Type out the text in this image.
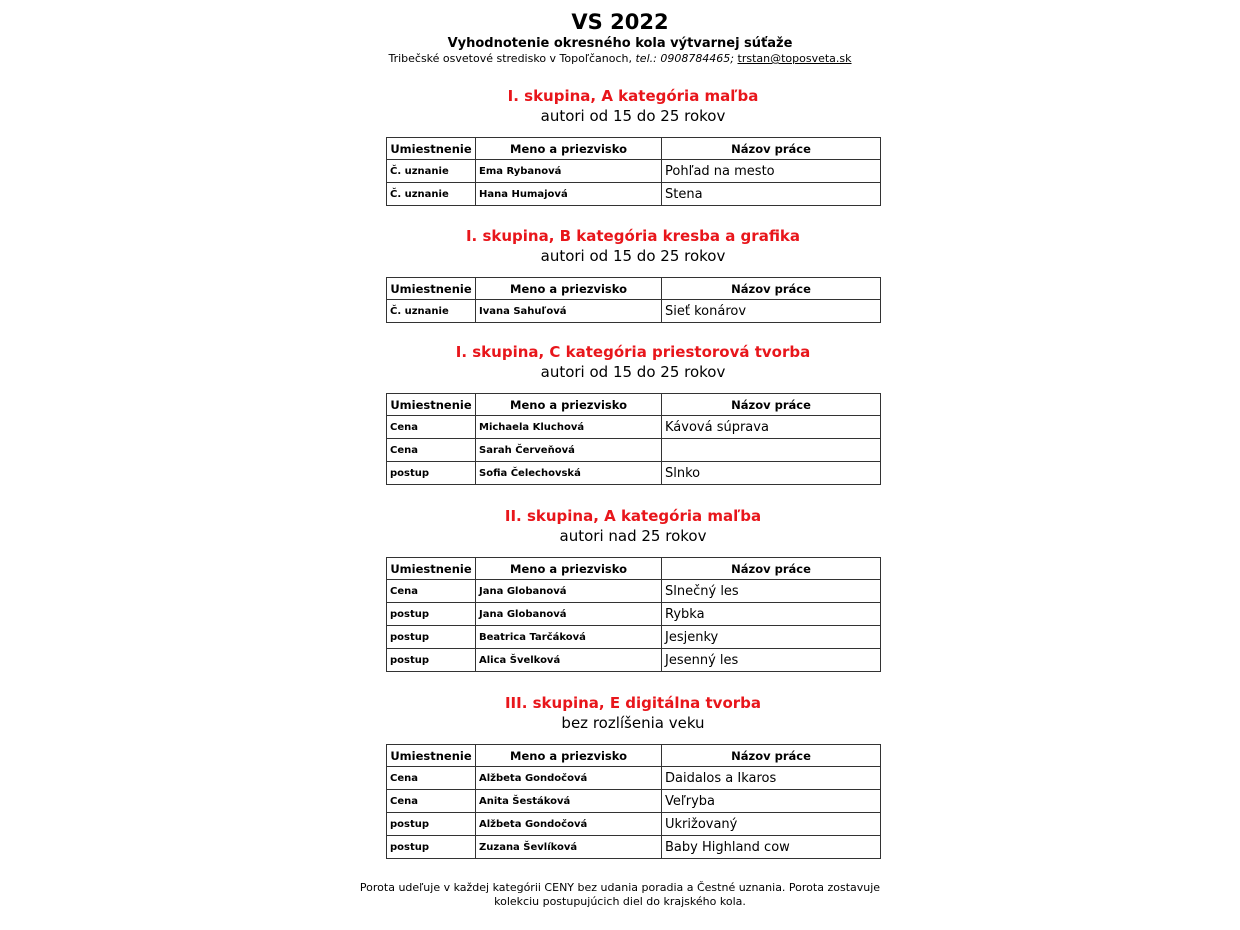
VS 2022
Vyhodnotenie okresného kola výtvarnej súťaže
Tribečské osvetové stredisko v Topoľčanoch, tel.: 0908784465; trstan@toposveta.sk
I. skupina, A kategória maľba
autori od 15 do 25 rokov
Umiestnenie	Meno a priezvisko	Názov práce
Č. uznanie	Ema Rybanová	Pohľad na mesto
Č. uznanie	Hana Humajová	Stena
I. skupina, B kategória kresba a grafika
autori od 15 do 25 rokov
Umiestnenie	Meno a priezvisko	Názov práce
Č. uznanie	Ivana Sahuľová	Sieť konárov
I. skupina, C kategória priestorová tvorba
autori od 15 do 25 rokov
Umiestnenie	Meno a priezvisko	Názov práce
Cena	Michaela Kluchová	Kávová súprava
Cena	Sarah Červeňová	
postup	Sofia Čelechovská	Slnko
II. skupina, A kategória maľba
autori nad 25 rokov
Umiestnenie	Meno a priezvisko	Názov práce
Cena	Jana Globanová	Slnečný les
postup	Jana Globanová	Rybka
postup	Beatrica Tarčáková	Jesjenky
postup	Alica Švelková	Jesenný les
III. skupina, E digitálna tvorba
bez rozlíšenia veku
Umiestnenie	Meno a priezvisko	Názov práce
Cena	Alžbeta Gondočová	Daidalos a Ikaros
Cena	Anita Šestáková	Veľryba
postup	Alžbeta Gondočová	Ukrižovaný
postup	Zuzana Ševlíková	Baby Highland cow
Porota udeľuje v každej kategórii CENY bez udania poradia a Čestné uznania. Porota zostavuje
kolekciu postupujúcich diel do krajského kola.
